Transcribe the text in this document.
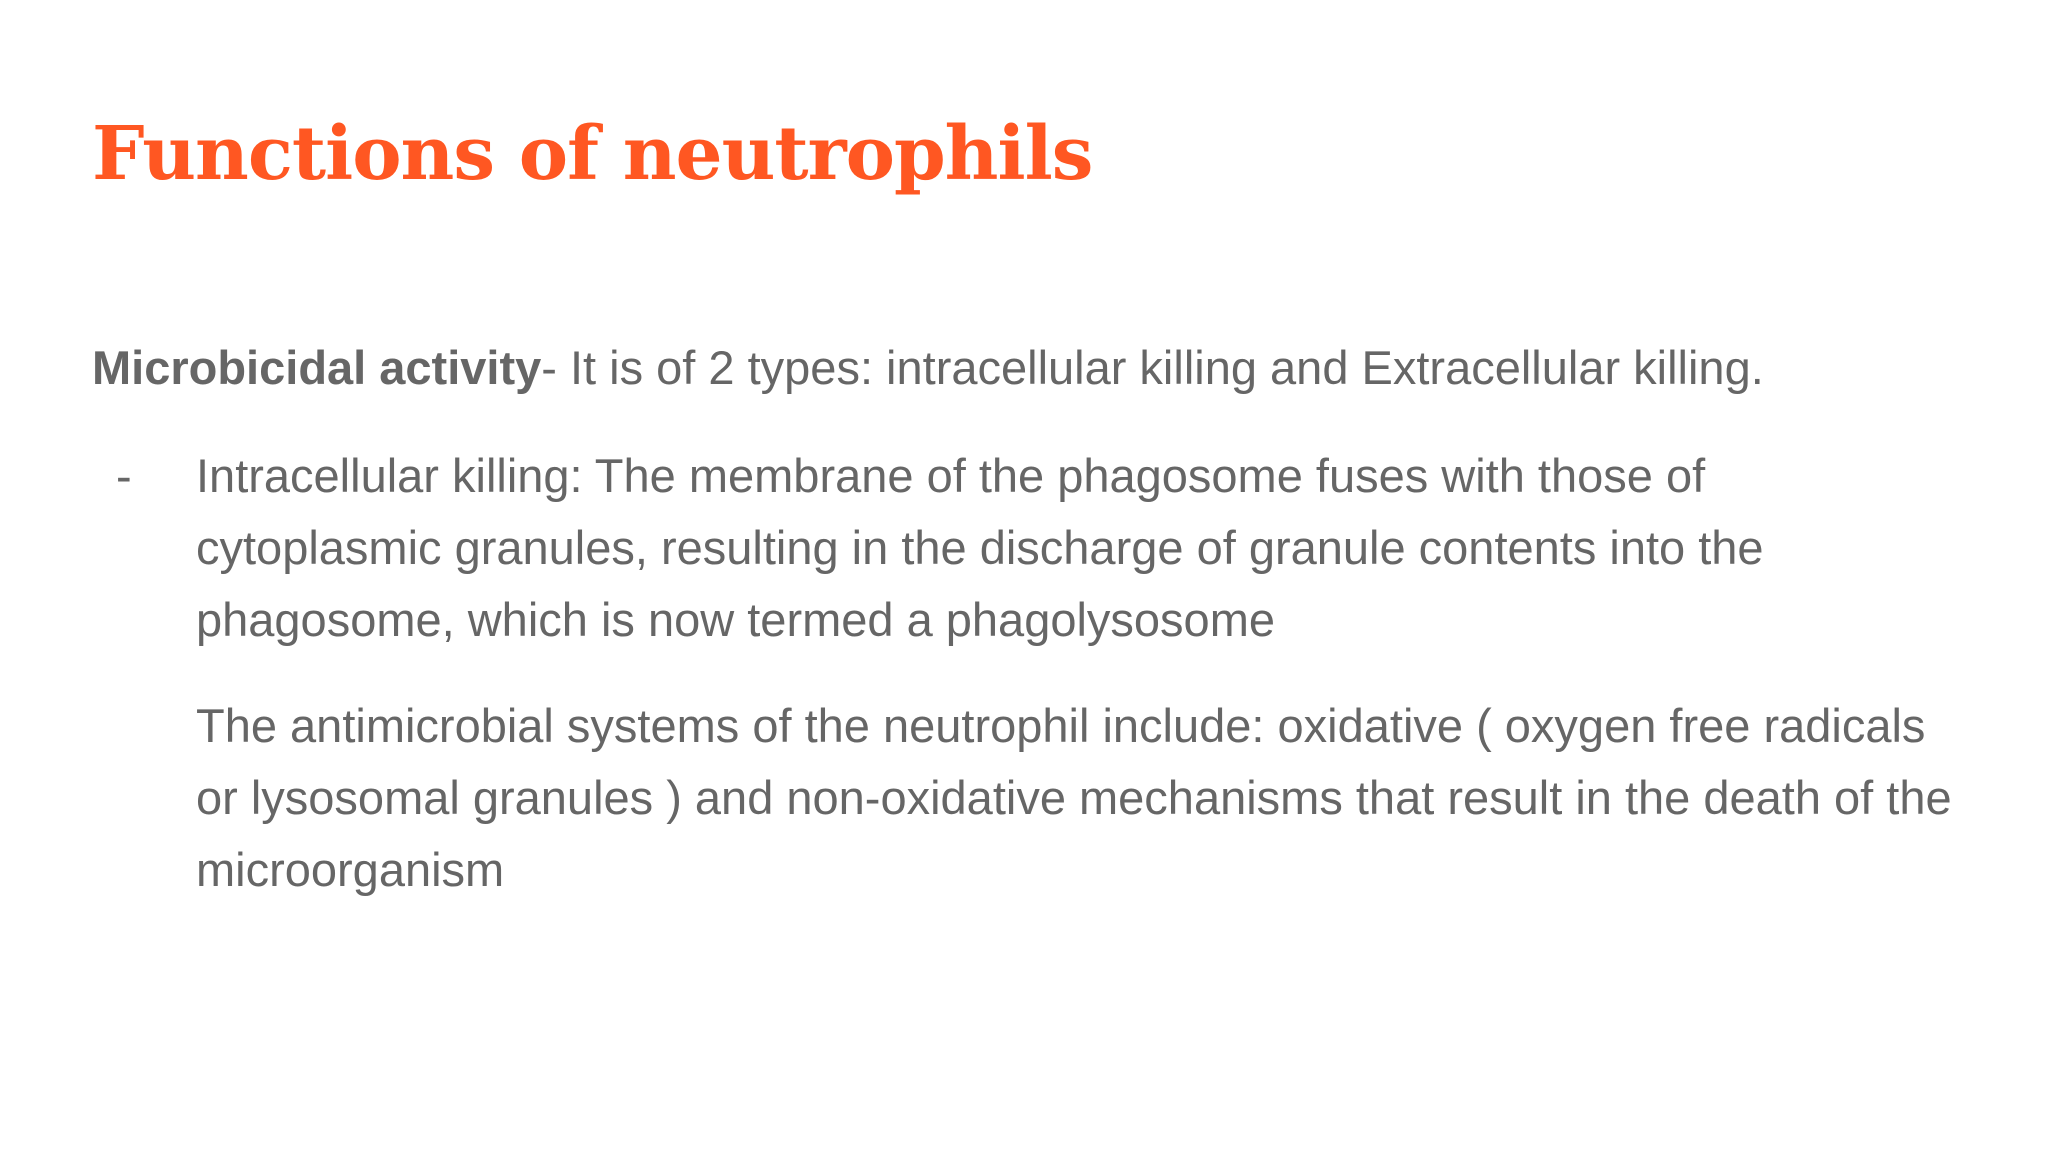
Functions of neutrophils

Microbicidal activity- It is of 2 types: intracellular killing and Extracellular killing.

- Intracellular killing: The membrane of the phagosome fuses with those of cytoplasmic granules, resulting in the discharge of granule contents into the phagosome, which is now termed a phagolysosome

The antimicrobial systems of the neutrophil include: oxidative ( oxygen free radicals or lysosomal granules ) and non-oxidative mechanisms that result in the death of the microorganism
